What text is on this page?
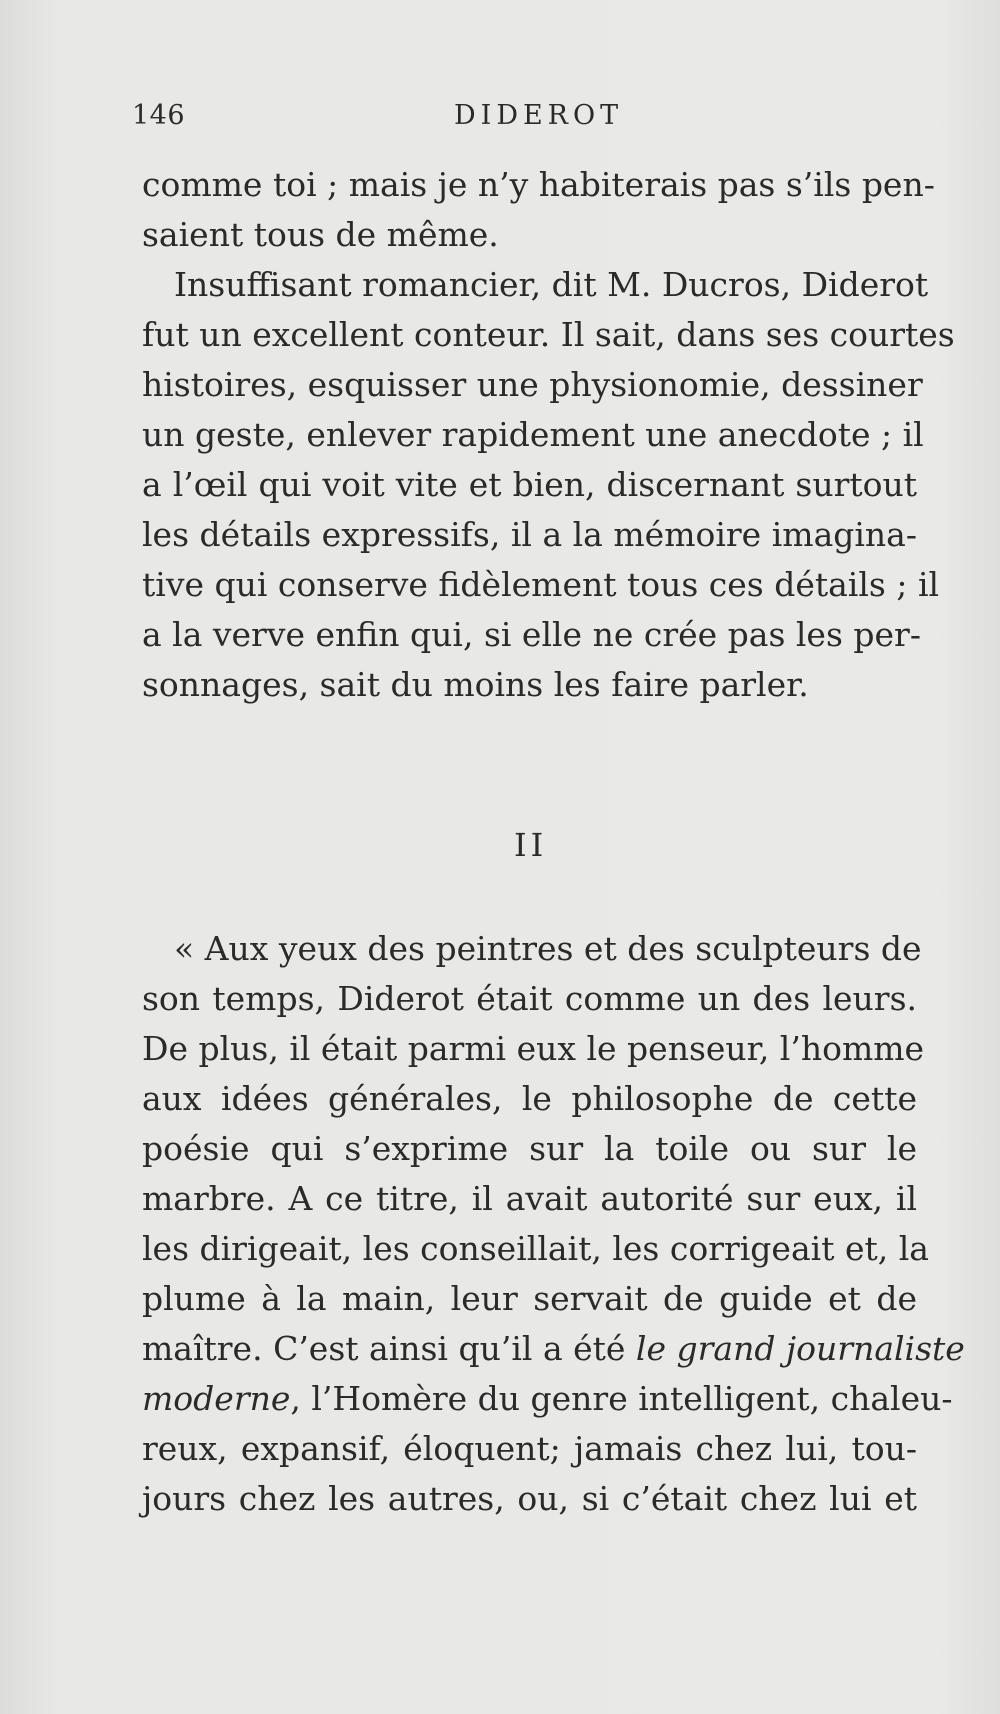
146	DIDEROT
comme toi ; mais je n’y habiterais pas s’ils pen-
saient tous de même.
Insuffisant romancier, dit M. Ducros, Diderot
fut un excellent conteur. Il sait, dans ses courtes
histoires, esquisser une physionomie, dessiner
un geste, enlever rapidement une anecdote ; il
a l’œil qui voit vite et bien, discernant surtout
les détails expressifs, il a la mémoire imagina-
tive qui conserve fidèlement tous ces détails ; il
a la verve enfin qui, si elle ne crée pas les per-
sonnages, sait du moins les faire parler.
II
« Aux yeux des peintres et des sculpteurs de
son temps, Diderot était comme un des leurs.
De plus, il était parmi eux le penseur, l’homme
aux idées générales, le philosophe de cette
poésie qui s’exprime sur la toile ou sur le
marbre. A ce titre, il avait autorité sur eux, il
les dirigeait, les conseillait, les corrigeait et, la
plume à la main, leur servait de guide et de
maître. C’est ainsi qu’il a été le grand journaliste
moderne, l’Homère du genre intelligent, chaleu-
reux, expansif, éloquent; jamais chez lui, tou-
jours chez les autres, ou, si c’était chez lui et
